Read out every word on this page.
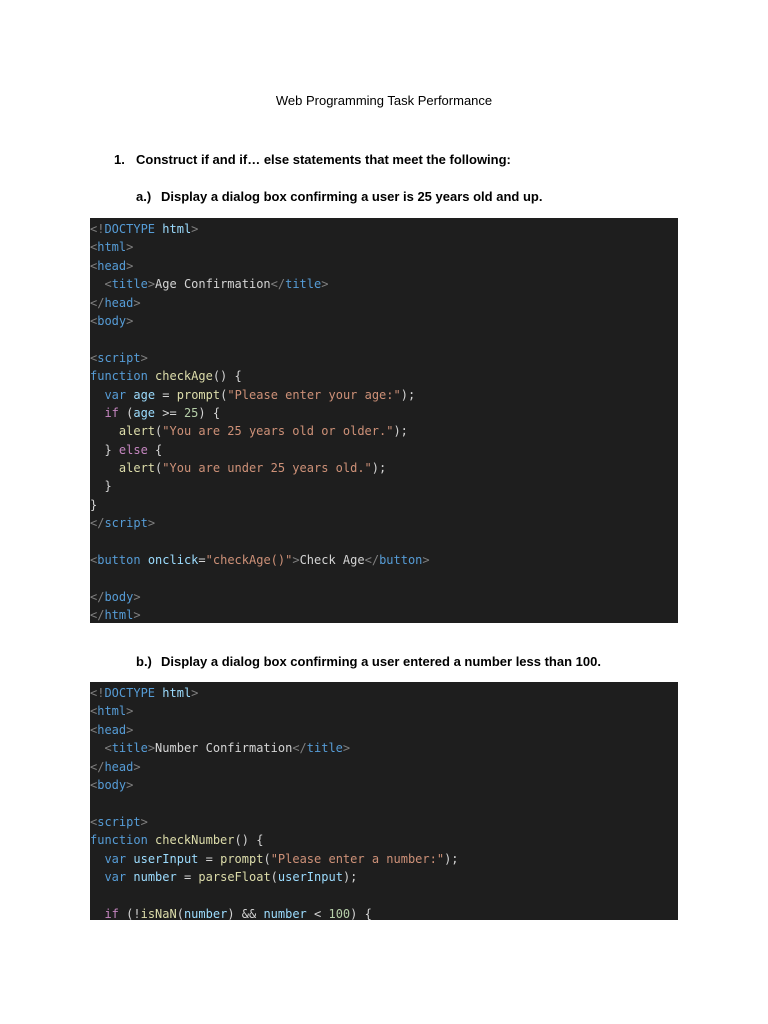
Web Programming Task Performance
1. Construct if and if… else statements that meet the following:
a.) Display a dialog box confirming a user is 25 years old and up.
<!DOCTYPE html>
<html>
<head>
<title>Age Confirmation</title>
</head>
<body>

<script>
function checkAge() {
var age = prompt("Please enter your age:");
if (age >= 25) {
alert("You are 25 years old or older.");
} else {
alert("You are under 25 years old.");
}
}
</script>

<button onclick="checkAge()">Check Age</button>

</body>
</html>
b.) Display a dialog box confirming a user entered a number less than 100.
<!DOCTYPE html>
<html>
<head>
<title>Number Confirmation</title>
</head>
<body>

<script>
function checkNumber() {
var userInput = prompt("Please enter a number:");
var number = parseFloat(userInput);

if (!isNaN(number) && number < 100) {
